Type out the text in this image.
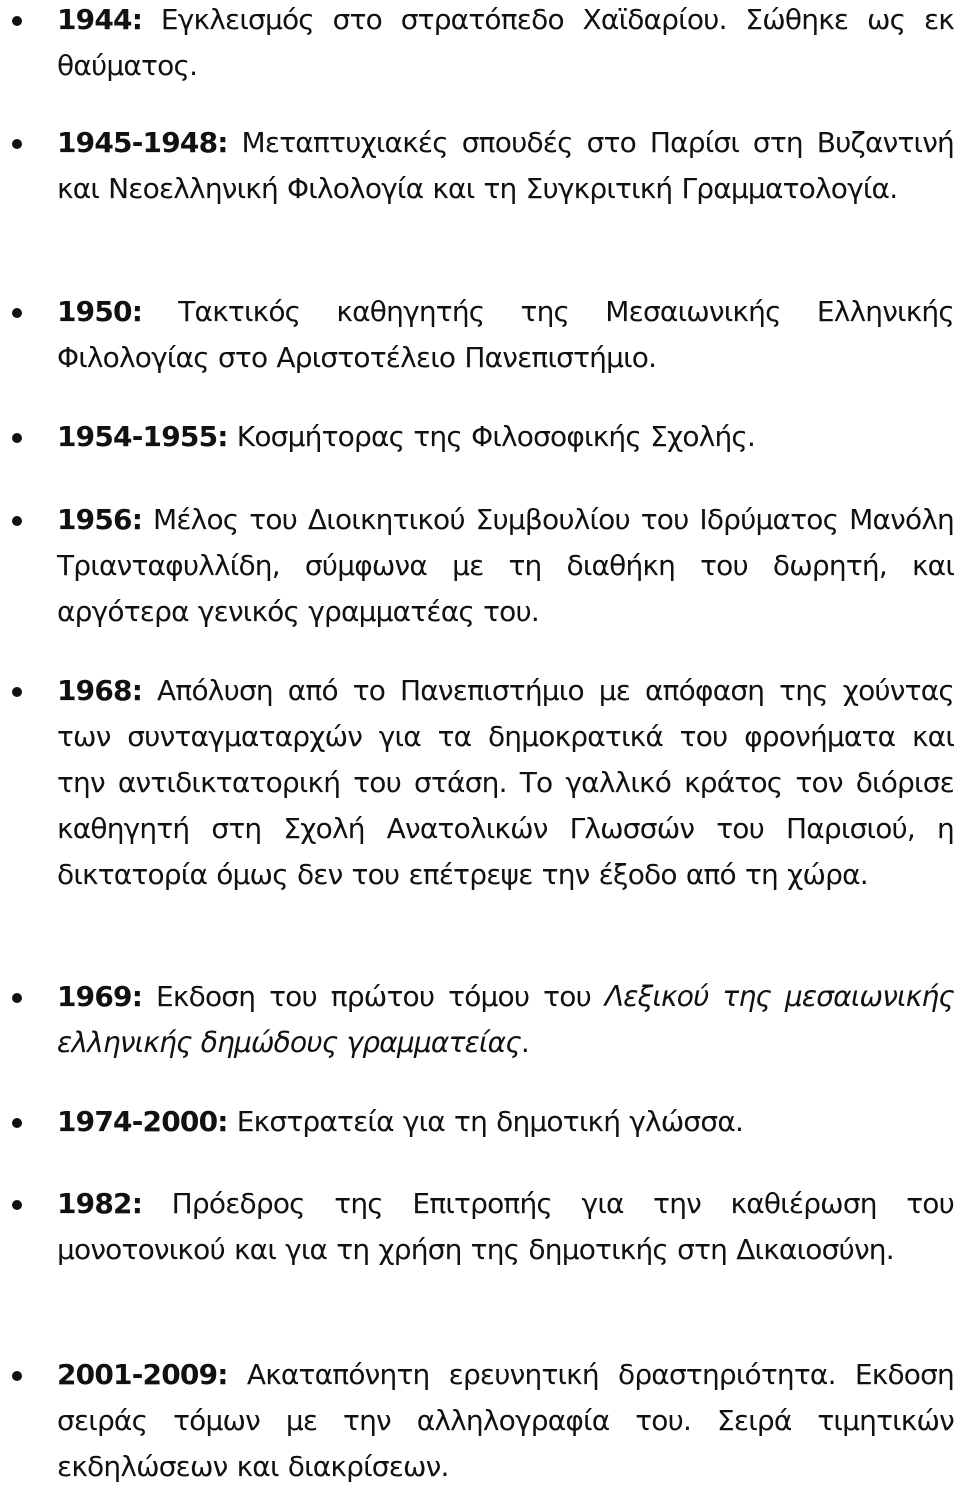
1944: Εγκλεισμός στο στρατόπεδο Χαϊδαρίου. Σώθηκε ως εκ θαύματος.

1945-1948: Μεταπτυχιακές σπουδές στο Παρίσι στη Βυζαντινή και Νεοελληνική Φιλολογία και τη Συγκριτική Γραμματολογία.

1950: Τακτικός καθηγητής της Μεσαιωνικής Ελληνικής Φιλολογίας στο Αριστοτέλειο Πανεπιστήμιο.

1954-1955: Κοσμήτορας της Φιλοσοφικής Σχολής.

1956: Μέλος του Διοικητικού Συμβουλίου του Ιδρύματος Μανόλη Τριανταφυλλίδη, σύμφωνα με τη διαθήκη του δωρητή, και αργότερα γενικός γραμματέας του.

1968: Απόλυση από το Πανεπιστήμιο με απόφαση της χούντας των συνταγματαρχών για τα δημοκρατικά του φρονήματα και την αντιδικτατορική του στάση. Το γαλλικό κράτος τον διόρισε καθηγητή στη Σχολή Ανατολικών Γλωσσών του Παρισιού, η δικτατορία όμως δεν του επέτρεψε την έξοδο από τη χώρα.

1969: Εκδοση του πρώτου τόμου του Λεξικού της μεσαιωνικής ελληνικής δημώδους γραμματείας.

1974-2000: Εκστρατεία για τη δημοτική γλώσσα.

1982: Πρόεδρος της Επιτροπής για την καθιέρωση του μονοτονικού και για τη χρήση της δημοτικής στη Δικαιοσύνη.

2001-2009: Ακαταπόνητη ερευνητική δραστηριότητα. Εκδοση σειράς τόμων με την αλληλογραφία του. Σειρά τιμητικών εκδηλώσεων και διακρίσεων.
